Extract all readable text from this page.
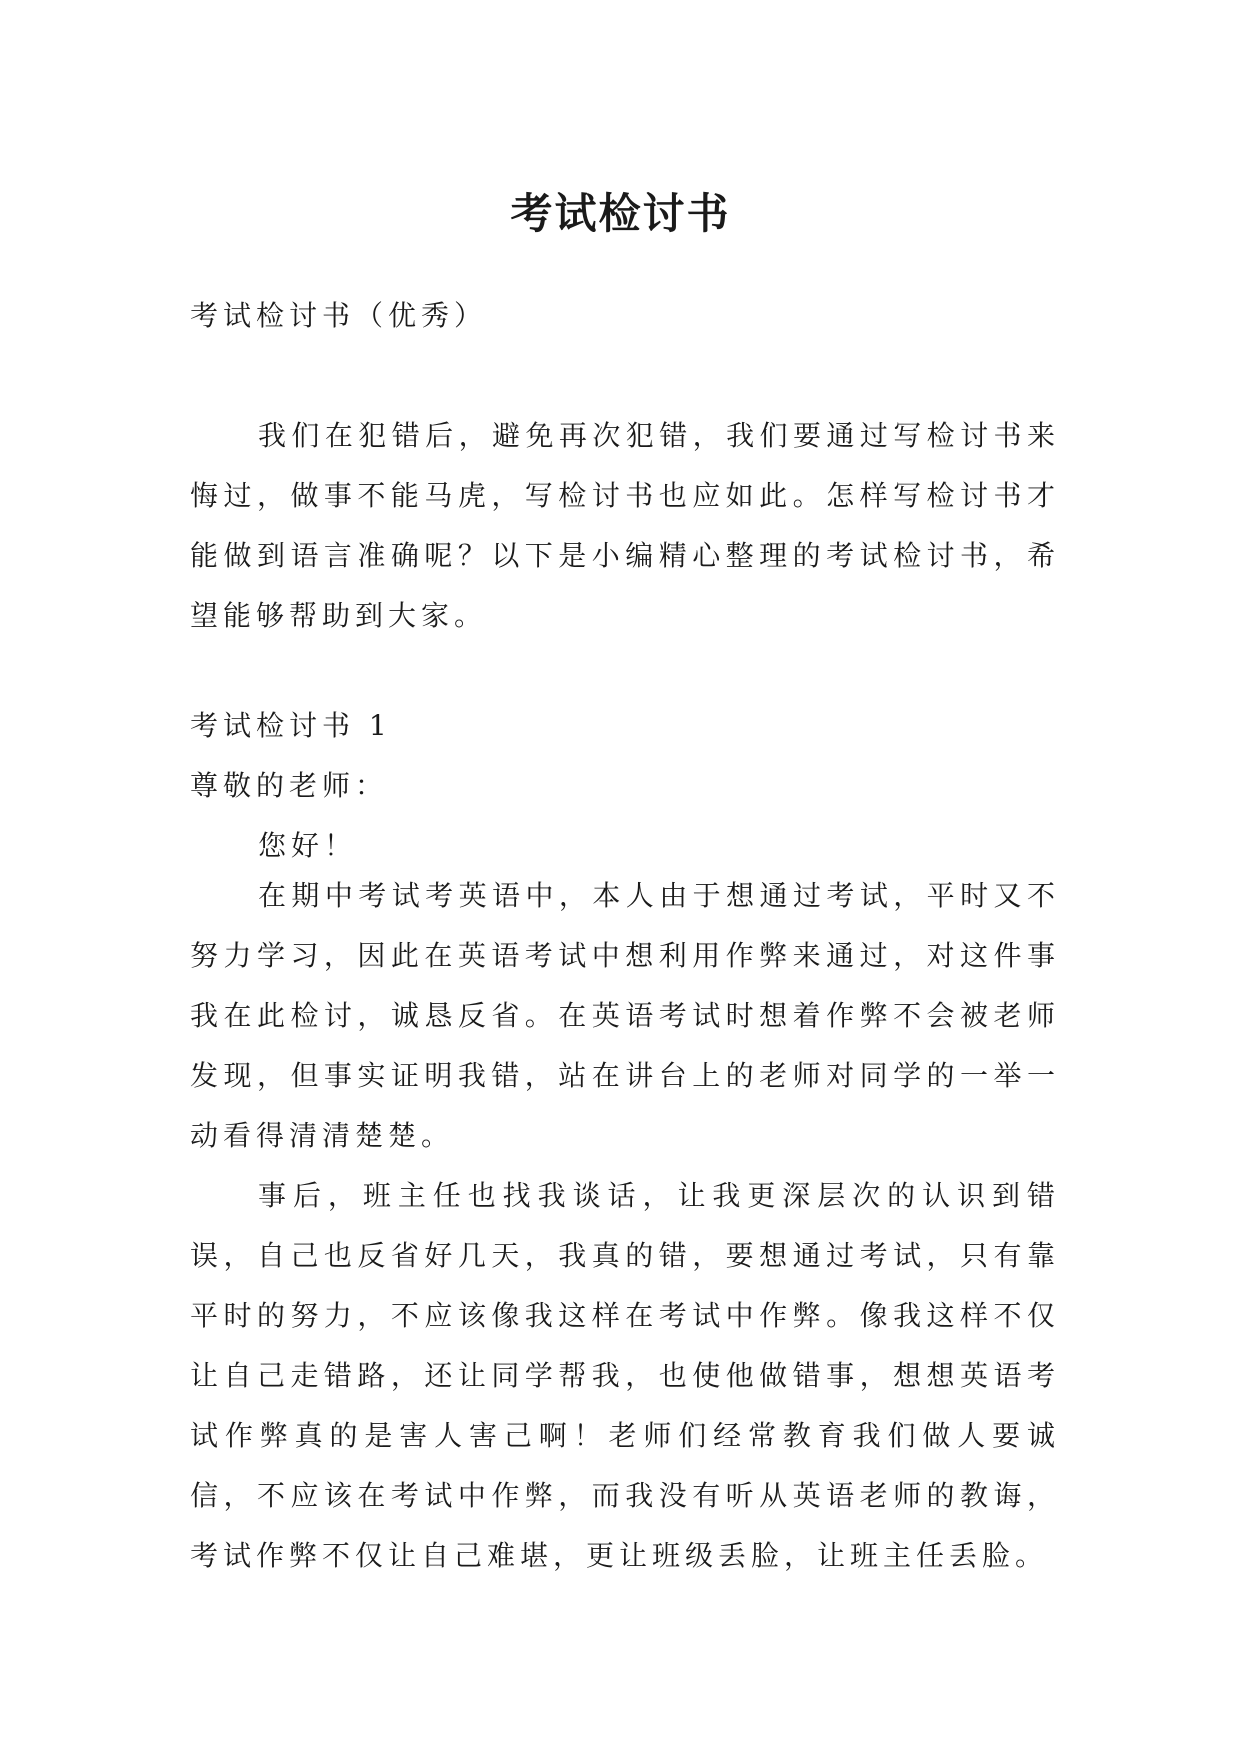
考试检讨书

考试检讨书（优秀）

我们在犯错后，避免再次犯错，我们要通过写检讨书来悔过，做事不能马虎，写检讨书也应如此。怎样写检讨书才能做到语言准确呢？以下是小编精心整理的考试检讨书，希望能够帮助到大家。

考试检讨书 1

尊敬的老师：

您好！

在期中考试考英语中，本人由于想通过考试，平时又不努力学习，因此在英语考试中想利用作弊来通过，对这件事我在此检讨，诚恳反省。在英语考试时想着作弊不会被老师发现，但事实证明我错，站在讲台上的老师对同学的一举一动看得清清楚楚。

事后，班主任也找我谈话，让我更深层次的认识到错误，自己也反省好几天，我真的错，要想通过考试，只有靠平时的努力，不应该像我这样在考试中作弊。像我这样不仅让自己走错路，还让同学帮我，也使他做错事，想想英语考试作弊真的是害人害己啊！老师们经常教育我们做人要诚信，不应该在考试中作弊，而我没有听从英语老师的教诲，考试作弊不仅让自己难堪，更让班级丢脸，让班主任丢脸。
